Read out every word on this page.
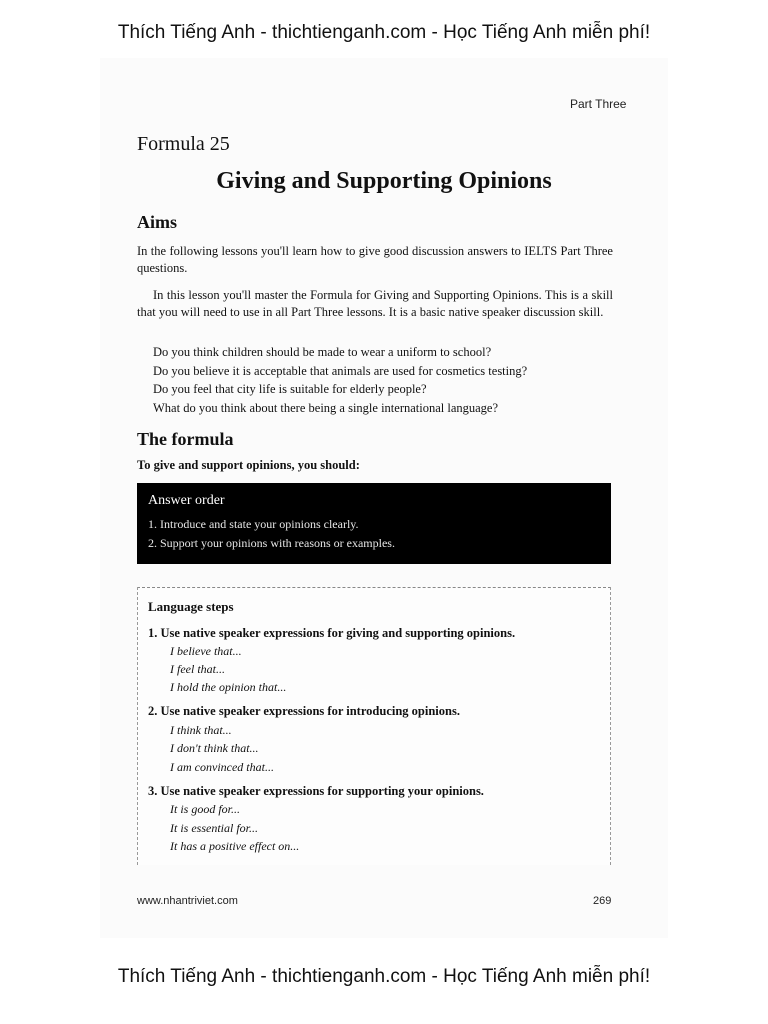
Thích Tiếng Anh - thichtienganh.com - Học Tiếng Anh miễn phí!
Part Three
Formula 25
Giving and Supporting Opinions
Aims
In the following lessons you'll learn how to give good discussion answers to IELTS Part Three questions.
In this lesson you'll master the Formula for Giving and Supporting Opinions. This is a skill that you will need to use in all Part Three lessons. It is a basic native speaker discussion skill.
Do you think children should be made to wear a uniform to school?
Do you believe it is acceptable that animals are used for cosmetics testing?
Do you feel that city life is suitable for elderly people?
What do you think about there being a single international language?
The formula
To give and support opinions, you should:
Answer order
1. Introduce and state your opinions clearly.
2. Support your opinions with reasons or examples.
Language steps
1. Use native speaker expressions for giving and supporting opinions.
I believe that...
I feel that...
I hold the opinion that...
2. Use native speaker expressions for introducing opinions.
I think that...
I don't think that...
I am convinced that...
3. Use native speaker expressions for supporting your opinions.
It is good for...
It is essential for...
It has a positive effect on...
www.nhantriviet.com	269
Thích Tiếng Anh - thichtienganh.com - Học Tiếng Anh miễn phí!
